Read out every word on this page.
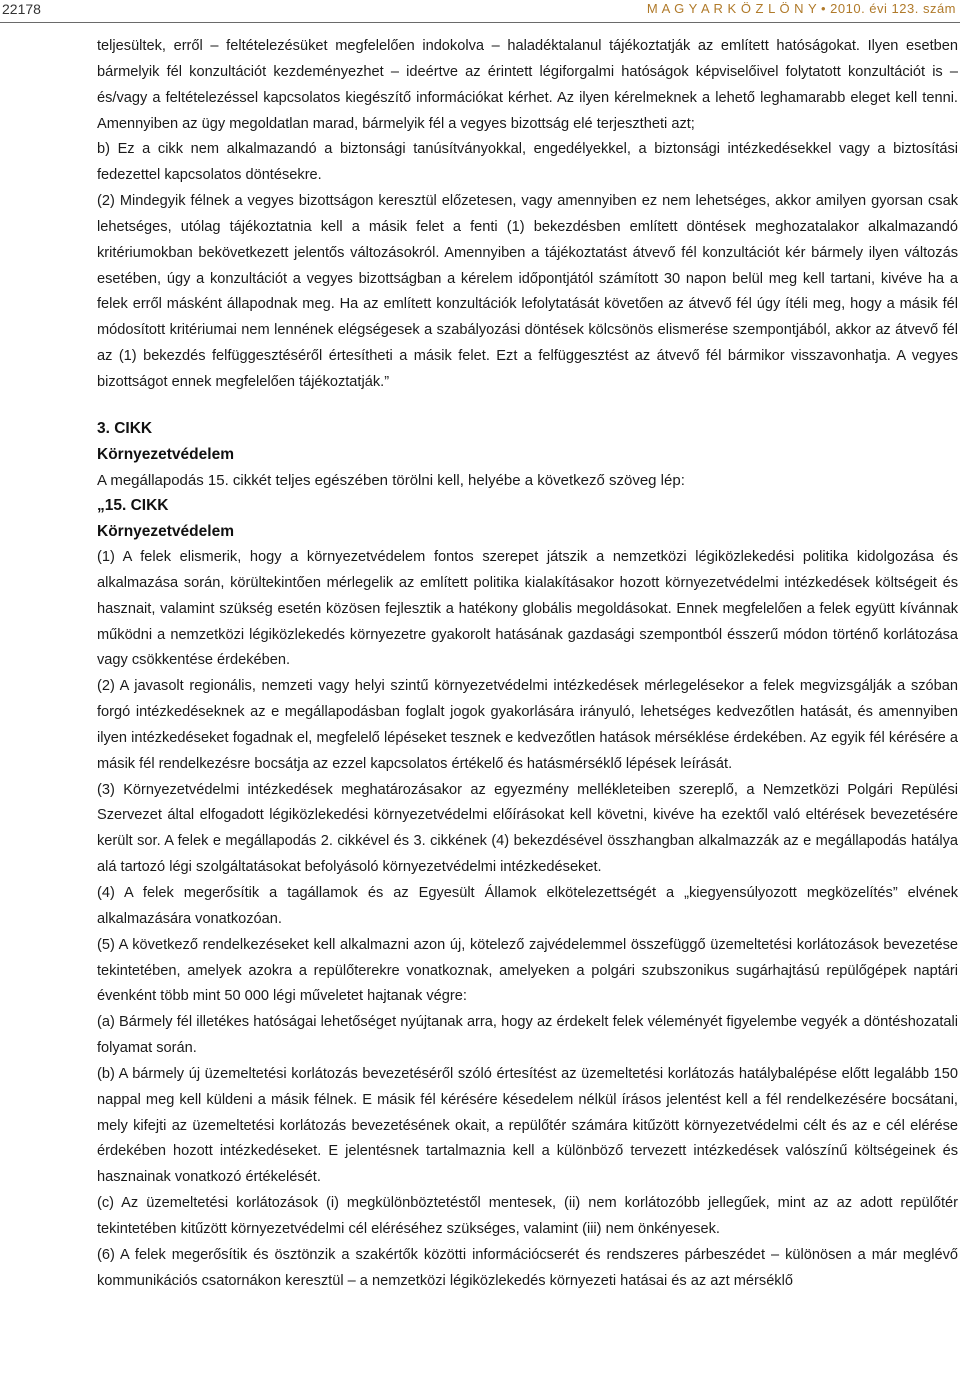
22178	M A G Y A R K Ö Z L Ö N Y • 2010. évi 123. szám

teljesültek, erről – feltételezésüket megfelelően indokolva – haladéktalanul tájékoztatják az említett hatóságokat. Ilyen esetben bármelyik fél konzultációt kezdeményezhet – ideértve az érintett légiforgalmi hatóságok képviselőivel folytatott konzultációt is – és/vagy a feltételezéssel kapcsolatos kiegészítő információkat kérhet. Az ilyen kérelmeknek a lehető leghamarabb eleget kell tenni. Amennyiben az ügy megoldatlan marad, bármelyik fél a vegyes bizottság elé terjesztheti azt;

b) Ez a cikk nem alkalmazandó a biztonsági tanúsítványokkal, engedélyekkel, a biztonsági intézkedésekkel vagy a biztosítási fedezettel kapcsolatos döntésekre.

(2) Mindegyik félnek a vegyes bizottságon keresztül előzetesen, vagy amennyiben ez nem lehetséges, akkor amilyen gyorsan csak lehetséges, utólag tájékoztatnia kell a másik felet a fenti (1) bekezdésben említett döntések meghozatalakor alkalmazandó kritériumokban bekövetkezett jelentős változásokról. Amennyiben a tájékoztatást átvevő fél konzultációt kér bármely ilyen változás esetében, úgy a konzultációt a vegyes bizottságban a kérelem időpontjától számított 30 napon belül meg kell tartani, kivéve ha a felek erről másként állapodnak meg. Ha az említett konzultációk lefolytatását követően az átvevő fél úgy ítéli meg, hogy a másik fél módosított kritériumai nem lennének elégségesek a szabályozási döntések kölcsönös elismerése szempontjából, akkor az átvevő fél az (1) bekezdés felfüggesztéséről értesítheti a másik felet. Ezt a felfüggesztést az átvevő fél bármikor visszavonhatja. A vegyes bizottságot ennek megfelelően tájékoztatják.”

3. CIKK

Környezetvédelem

A megállapodás 15. cikkét teljes egészében törölni kell, helyébe a következő szöveg lép:

„15. CIKK

Környezetvédelem

(1) A felek elismerik, hogy a környezetvédelem fontos szerepet játszik a nemzetközi légiközlekedési politika kidolgozása és alkalmazása során, körültekintően mérlegelik az említett politika kialakításakor hozott környezetvédelmi intézkedések költségeit és hasznait, valamint szükség esetén közösen fejlesztik a hatékony globális megoldásokat. Ennek megfelelően a felek együtt kívánnak működni a nemzetközi légiközlekedés környezetre gyakorolt hatásának gazdasági szempontból ésszerű módon történő korlátozása vagy csökkentése érdekében.

(2) A javasolt regionális, nemzeti vagy helyi szintű környezetvédelmi intézkedések mérlegelésekor a felek megvizsgálják a szóban forgó intézkedéseknek az e megállapodásban foglalt jogok gyakorlására irányuló, lehetséges kedvezőtlen hatását, és amennyiben ilyen intézkedéseket fogadnak el, megfelelő lépéseket tesznek e kedvezőtlen hatások mérséklése érdekében. Az egyik fél kérésére a másik fél rendelkezésre bocsátja az ezzel kapcsolatos értékelő és hatásmérséklő lépések leírását.

(3) Környezetvédelmi intézkedések meghatározásakor az egyezmény mellékleteiben szereplő, a Nemzetközi Polgári Repülési Szervezet által elfogadott légiközlekedési környezetvédelmi előírásokat kell követni, kivéve ha ezektől való eltérések bevezetésére került sor. A felek e megállapodás 2. cikkével és 3. cikkének (4) bekezdésével összhangban alkalmazzák az e megállapodás hatálya alá tartozó légi szolgáltatásokat befolyásoló környezetvédelmi intézkedéseket.

(4) A felek megerősítik a tagállamok és az Egyesült Államok elkötelezettségét a „kiegyensúlyozott megközelítés” elvének alkalmazására vonatkozóan.

(5) A következő rendelkezéseket kell alkalmazni azon új, kötelező zajvédelemmel összefüggő üzemeltetési korlátozások bevezetése tekintetében, amelyek azokra a repülőterekre vonatkoznak, amelyeken a polgári szubszonikus sugárhajtású repülőgépek naptári évenként több mint 50 000 légi műveletet hajtanak végre:

(a) Bármely fél illetékes hatóságai lehetőséget nyújtanak arra, hogy az érdekelt felek véleményét figyelembe vegyék a döntéshozatali folyamat során.

(b) A bármely új üzemeltetési korlátozás bevezetéséről szóló értesítést az üzemeltetési korlátozás hatálybalépése előtt legalább 150 nappal meg kell küldeni a másik félnek. E másik fél kérésére késedelem nélkül írásos jelentést kell a fél rendelkezésére bocsátani, mely kifejti az üzemeltetési korlátozás bevezetésének okait, a repülőtér számára kitűzött környezetvédelmi célt és az e cél elérése érdekében hozott intézkedéseket. E jelentésnek tartalmaznia kell a különböző tervezett intézkedések valószínű költségeinek és hasznainak vonatkozó értékelését.

(c) Az üzemeltetési korlátozások (i) megkülönböztetéstől mentesek, (ii) nem korlátozóbb jellegűek, mint az az adott repülőtér tekintetében kitűzött környezetvédelmi cél eléréséhez szükséges, valamint (iii) nem önkényesek.

(6) A felek megerősítik és ösztönzik a szakértők közötti információcserét és rendszeres párbeszédet – különösen a már meglévő kommunikációs csatornákon keresztül – a nemzetközi légiközlekedés környezeti hatásai és az azt mérséklő
